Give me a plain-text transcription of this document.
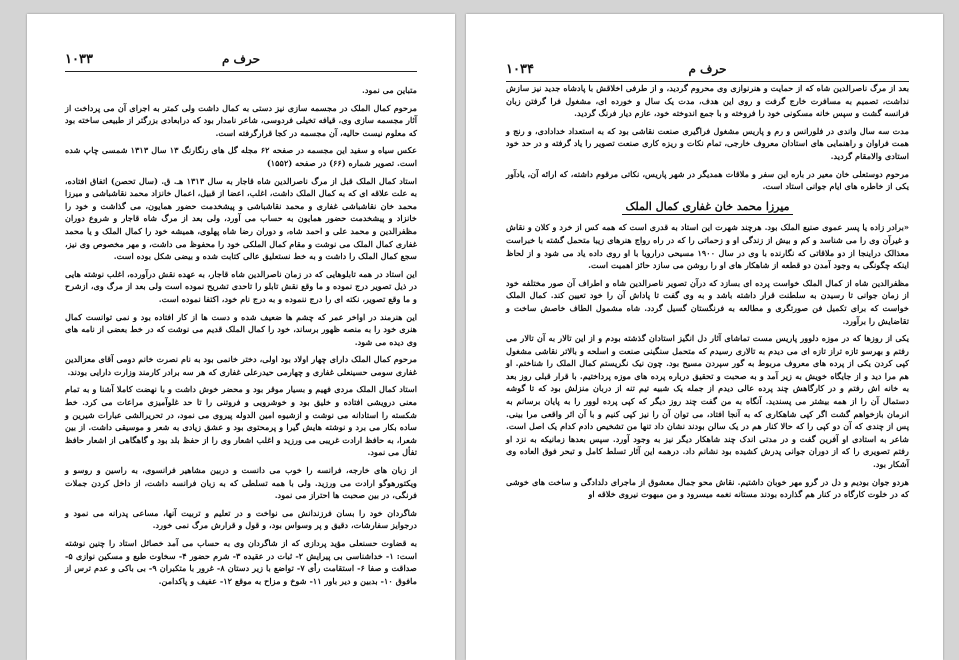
حرف م
۱۰۳۳

متباین می نمود.

مرحوم کمال الملک در مجسمه سازی نیز دستی به کمال داشت ولی کمتر به اجرای آن می پرداخت از آثار مجسمه سازی وی، قیافه تخیلی فردوسی، شاعر نامدار بود که درابعادی بزرگتر از طبیعی ساخته بود که معلوم نیست حالیه، آن مجسمه در کجا قرارگرفته است.

عکس سیاه و سفید این مجسمه در صفحه ۶۲ مجله گل های رنگارنگ ۱۳ سال ۱۳۱۳ شمسی چاپ شده است. تصویر شماره (۶۶) در صفحه (۱۵۵۲)

استاد کمال الملک قبل از مرگ ناصرالدین شاه قاجار به سال ۱۳۱۳ هـ. ق. (سال تحصن) اتفاق افتاده، به علت علاقه ای که به کمال الملک داشت، اغلب، اعضا از قبیل، اعمال خانزاد محمد نقاشباشی و میرزا محمد خان نقاشباشی غفاری و محمد نقاشباشی و پیشخدمت حضور همایون، می گذاشت و خود را خانزاد و پیشخدمت حضور همایون به حساب می آورد، ولی بعد از مرگ شاه قاجار و شروع دوران مظفرالدین و محمد علی و احمد شاه، و دوران رضا شاه پهلوی، همیشه خود را کمال الملک و یا محمد غفاری کمال الملک می نوشت و مقام کمال الملکی خود را محفوظ می داشت، و مهر مخصوص وی نیز، سجع کمال الملک را داشت و به خط نستعلیق عالی کتابت شده و بیضی شکل بوده است.

این استاد در همه تابلوهایی که در زمان ناصرالدین شاه قاجار، به عهده نقش درآورده، اغلب نوشته هایی در ذیل تصویر درج نموده و ما وقع نقش تابلو را تاحدی تشریح نموده است ولی بعد از مرگ وی، ازشرح و ما وقع تصویر، نکته ای را درج ننموده و به درج نام خود، اکتفا نموده است.

این هنرمند در اواخر عمر که چشم ها ضعیف شده و دست ها از کار افتاده بود و نمی توانست کمال هنری خود را به منصه ظهور برساند، خود را کمال الملک قدیم می نوشت که در خط بعضی از نامه های وی دیده می شود.

مرحوم کمال الملک دارای چهار اولاد بود اولی، دختر خانمی بود به نام نصرت خانم دومی آقای معزالدین غفاری سومی حسینعلی غفاری و چهارمی حیدرعلی غفاری که هر سه برادر کارمند وزارت دارایی بودند.

استاد کمال الملک مردی فهیم و بسیار موقر بود و محضر خوش داشت و با نهضت کاملا آشنا و به تمام معنی درویشی افتاده و خلیق بود و خوشرویی و فروتنی را تا حد غلوآمیزی مراعات می کرد. خط شکسته را استادانه می نوشت و ازشیوه امین الدوله پیروی می نمود، در تحریرالشی عبارات شیرین و ساده بکار می برد و نوشته هایش گیرا و پرمحتوی بود و عشق زیادی به شعر و موسیقی داشت. از بین شعرا، به حافظ ارادت غریبی می ورزید و اغلب اشعار وی را از حفظ بلد بود و گاهگاهی از اشعار حافظ تفأل می نمود.

از زبان های خارجه، فرانسه را خوب می دانست و دربین مشاهیر فرانسوی، به راسین و روسو و ویکتورهوگو ارادت می ورزید. ولی با همه تسلطی که به زبان فرانسه داشت، از داخل کردن جملات فرنگی، در بین صحبت ها احتراز می نمود.

شاگردان خود را بسان فرزندانش می نواخت و در تعلیم و تربیت آنها، مساعی پدرانه می نمود و درجوایز سفارشات، دقیق و پر وسواس بود، و قول و قرارش مرگ نمی خورد.

به قضاوت حسنعلی مؤید پردازی که از شاگردان وی به حساب می آمد خصائل استاد را چنین نوشته است: ۱- خداشناسی بی پیرایش ۲- ثبات در عقیده ۳- شرم حضور ۴- سخاوت طبع و مسکین نوازی ۵- صداقت و صفا ۶- استقامت رأی ۷- تواضع با زیر دستان ۸- غرور با متکبران ۹- بی باکی و عدم ترس از مافوق ۱۰- بدبین و دیر باور ۱۱- شوخ و مزاح به موقع ۱۲- عفیف و پاکدامن.

حرف م
۱۰۳۴

بعد از مرگ ناصرالدین شاه که از حمایت و هنرنوازی وی محروم گردید، و از طرفی اخلاقش با پادشاه جدید نیز سازش نداشت، تصمیم به مسافرت خارج گرفت و روی این هدف، مدت یک سال و خورده ای، مشغول فرا گرفتن زبان فرانسه گشت و سپس خانه مسکونی خود را فروخته و با جمع اندوخته خود، عازم دیار فرنگ گردید.

مدت سه سال واندی در فلورانس و رم و پاریس مشغول فراگیری صنعت نقاشی بود که به استعداد خدادادی، و رنج و همت فراوان و راهنمایی های استادان معروف خارجی، تمام نکات و ریزه کاری صنعت تصویر را یاد گرفته و در حد خود استادی والامقام گردید.

مرحوم دوستعلی خان معیر در باره این سفر و ملاقات همدیگر در شهر پاریس، نکاتی مرقوم داشته، که ارائه آن، یادآور یکی از خاطره های ایام جوانی استاد است.

میرزا محمد خان غفاری کمال الملک

«برادر زاده یا پسر عموی صنیع الملک بود. هرچند شهرت این استاد به قدری است که همه کس از خرد و کلان و نقاش و غیرآن وی را می شناسد و کم و بیش از زندگی او و زحماتی را که در راه رواج هنرهای زیبا متحمل گشته با خبراست معذالک دراینجا از دو ملاقاتی که نگارنده با وی در سال ۱۹۰۰ مسیحی درارویا با او روی داده یاد می شود و از لحاظ اینکه چگونگی به وجود آمدن دو قطعه از شاهکار های او را روشن می سازد حائز اهمیت است.

مظفرالدین شاه از کمال الملک خواست پرده ای بسازد که درآن تصویر ناصرالدین شاه و اطراف آن صور مختلفه خود از زمان جوانی تا رسیدن به سلطنت قرار داشته باشد و به وی گفت تا پاداش آن را خود تعیین کند. کمال الملک خواست که برای تکمیل فن صورتگری و مطالعه به فرنگستان گسیل گردد. شاه مشمول الطاف خاصش ساخت و تقاضایش را برآورد.

یکی از روزها که در موزه دلوور پاریس مست تماشای آثار دل انگیز استادان گذشته بودم و از این تالار به آن تالار می رفتم و بهرسو تازه تراز تازه ای می دیدم به تالاری رسیدم که متحمل سنگینی صنعت و اسلحه و بالاتر نقاشی مشغول کپی کردن یکی از پرده های معروف مربوط به گور سپردن مسیح بود. چون نیک نگریستم کمال الملک را شناختم. او هم مرا دید و از جایگاه خویش به زیر آمد و به صحبت و تحقیق درباره پرده های موزه پرداختیم. با قرار قبلی روز بعد به خانه اش رفتم و در کارگاهش چند پرده عالی دیدم از جمله یک شبیه تیم تنه از دربان منزلش بود که تا گوشه دستمال آن را از همه بیشتر می پسندید. آنگاه به من گفت چند روز دیگر که کپی پرده لوور را به پایان برسانم به انرمان بازخواهم گشت اگر کپی شاهکاری که به آنجا افتاد، می توان آن را نیز کپی کنیم و با آن اثر واقعی مرا بینی. پس از چندی که آن دو کپی را که حالا کنار هم در یک سالن بودند نشان داد تنها من تشخیص دادم کدام یک اصل است. شاعر به استادی او آفرین گفت و در مدتی اندک چند شاهکار دیگر نیز به وجود آورد. سپس بعدها زمانیکه به نزد او رفتم تصویری را که از دوران جوانی پدرش کشیده بود نشانم داد. درهمه این آثار تسلط کامل و تبحر فوق العاده وی آشکار بود.

هردو جوان بودیم و دل در گرو مهر خوبان داشتیم. نقاش محو جمال معشوق از ماجرای دلدادگی و ساخت های خوشی که در خلوت کارگاه در کنار هم گذارده بودند مستانه نغمه میسرود و من مبهوت نیروی خلاقه او
